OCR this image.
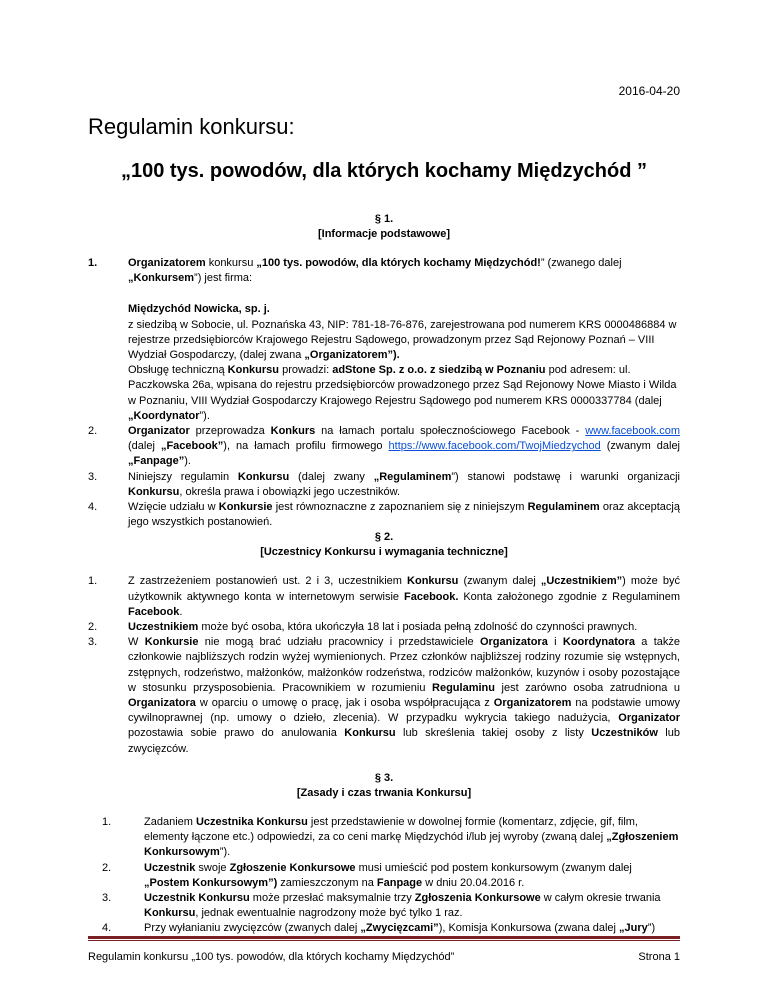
2016-04-20
Regulamin konkursu:
„100 tys. powodów, dla których kochamy Międzychód ”
§ 1.
[Informacje podstawowe]
1.	Organizatorem konkursu „100 tys. powodów, dla których kochamy Międzychód!” (zwanego dalej „Konkursem”) jest firma:
Międzychód Nowicka, sp. j.
z siedzibą w Sobocie, ul. Poznańska 43, NIP: 781-18-76-876, zarejestrowana pod numerem KRS 0000486884 w rejestrze przedsiębiorców Krajowego Rejestru Sądowego, prowadzonym przez Sąd Rejonowy Poznań – VIII Wydział Gospodarczy, (dalej zwana „Organizatorem”).
Obsługę techniczną Konkursu prowadzi: adStone Sp. z o.o. z siedzibą w Poznaniu pod adresem: ul. Paczkowska 26a, wpisana do rejestru przedsiębiorców prowadzonego przez Sąd Rejonowy Nowe Miasto i Wilda w Poznaniu, VIII Wydział Gospodarczy Krajowego Rejestru Sądowego pod numerem KRS 0000337784 (dalej „Koordynator”).
2.	Organizator przeprowadza Konkurs na łamach portalu społecznościowego Facebook - www.facebook.com (dalej „Facebook”), na łamach profilu firmowego https://www.facebook.com/TwojMiedzychod (zwanym dalej „Fanpage”).
3.	Niniejszy regulamin Konkursu (dalej zwany „Regulaminem”) stanowi podstawę i warunki organizacji Konkursu, określa prawa i obowiązki jego uczestników.
4.	Wzięcie udziału w Konkursie jest równoznaczne z zapoznaniem się z niniejszym Regulaminem oraz akceptacją jego wszystkich postanowień.
§ 2.
[Uczestnicy Konkursu i wymagania techniczne]
1.	Z zastrzeżeniem postanowień ust. 2 i 3, uczestnikiem Konkursu (zwanym dalej „Uczestnikiem”) może być użytkownik aktywnego konta w internetowym serwisie Facebook. Konta założonego zgodnie z Regulaminem Facebook.
2.	Uczestnikiem może być osoba, która ukończyła 18 lat i posiada pełną zdolność do czynności prawnych.
3.	W Konkursie nie mogą brać udziału pracownicy i przedstawiciele Organizatora i Koordynatora a także członkowie najbliższych rodzin wyżej wymienionych. Przez członków najbliższej rodziny rozumie się wstępnych, zstępnych, rodzeństwo, małżonków, małżonków rodzeństwa, rodziców małżonków, kuzynów i osoby pozostające w stosunku przysposobienia. Pracownikiem w rozumieniu Regulaminu jest zarówno osoba zatrudniona u Organizatora w oparciu o umowę o pracę, jak i osoba współpracująca z Organizatorem na podstawie umowy cywilnoprawnej (np. umowy o dzieło, zlecenia). W przypadku wykrycia takiego nadużycia, Organizator pozostawia sobie prawo do anulowania Konkursu lub skreślenia takiej osoby z listy Uczestników lub zwycięzców.
§ 3.
[Zasady i czas trwania Konkursu]
1.	Zadaniem Uczestnika Konkursu jest przedstawienie w dowolnej formie (komentarz, zdjęcie, gif, film, elementy łączone etc.) odpowiedzi, za co ceni markę Międzychód i/lub jej wyroby (zwaną dalej „Zgłoszeniem Konkursowym”).
2.	Uczestnik swoje Zgłoszenie Konkursowe musi umieścić pod postem konkursowym (zwanym dalej „Postem Konkursowym”) zamieszczonym na Fanpage w dniu 20.04.2016 r.
3.	Uczestnik Konkursu może przesłać maksymalnie trzy Zgłoszenia Konkursowe w całym okresie trwania Konkursu, jednak ewentualnie nagrodzony może być tylko 1 raz.
4.	Przy wyłanianiu zwycięzców (zwanych dalej „Zwycięzcami”), Komisja Konkursowa (zwana dalej „Jury”)
Regulamin konkursu „100 tys. powodów, dla których kochamy Międzychód”	Strona 1
